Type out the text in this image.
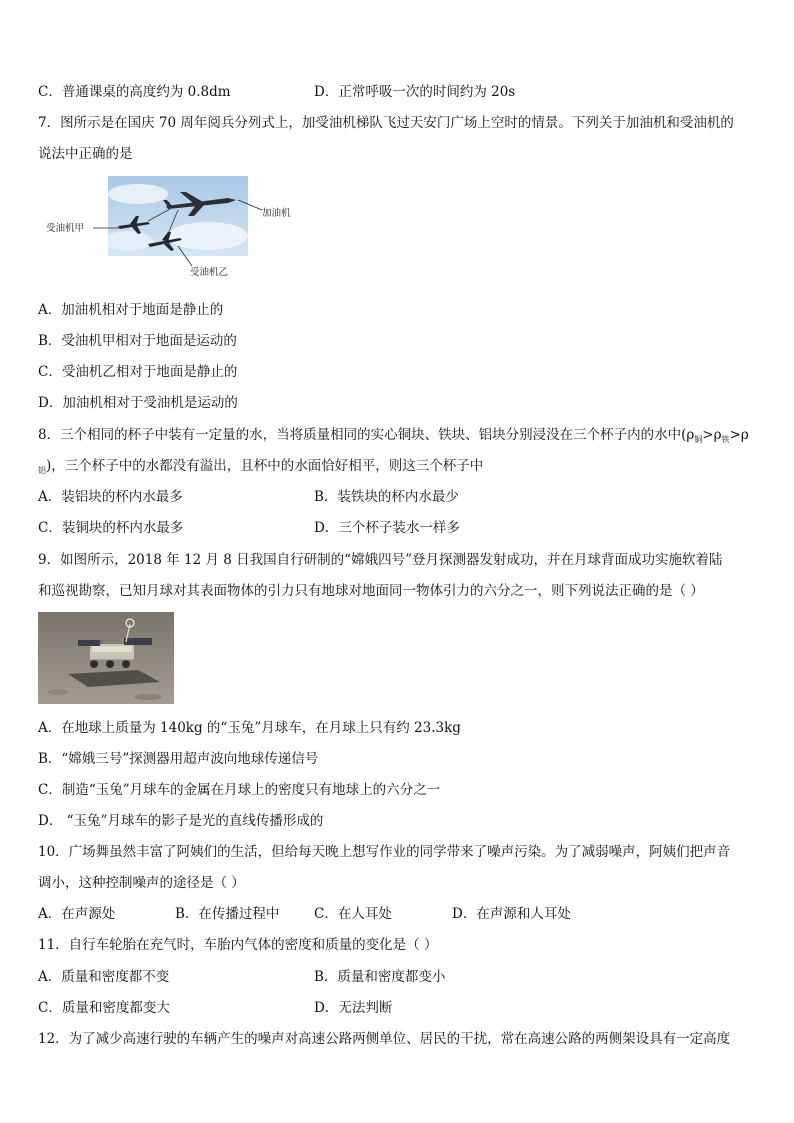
C．普通课桌的高度约为 0.8dm	D．正常呼吸一次的时间约为 20s
7．图所示是在国庆 70 周年阅兵分列式上，加受油机梯队飞过天安门广场上空时的情景。下列关于加油机和受油机的
说法中正确的是
加油机
受油机甲
受油机乙
A．加油机相对于地面是静止的
B．受油机甲相对于地面是运动的
C．受油机乙相对于地面是静止的
D．加油机相对于受油机是运动的
8．三个相同的杯子中装有一定量的水，当将质量相同的实心铜块、铁块、铝块分别浸没在三个杯子内的水中($\rho_铜>\rho_铁>\rho$
$_铝$)，三个杯子中的水都没有溢出，且杯中的水面恰好相平，则这三个杯子中
A．装铝块的杯内水最多	B．装铁块的杯内水最少
C．装铜块的杯内水最多	D．三个杯子装水一样多
9．如图所示，2018 年 12 月 8 日我国自行研制的“嫦娥四号”登月探测器发射成功，并在月球背面成功实施软着陆
和巡视勘察，已知月球对其表面物体的引力只有地球对地面同一物体引力的六分之一，则下列说法正确的是（ ）
A．在地球上质量为 140kg 的“玉兔”月球车，在月球上只有约 23.3kg
B．“嫦娥三号”探测器用超声波向地球传递信号
C．制造“玉兔”月球车的金属在月球上的密度只有地球上的六分之一
D． “玉兔”月球车的影子是光的直线传播形成的
10．广场舞虽然丰富了阿姨们的生活，但给每天晚上想写作业的同学带来了噪声污染。为了减弱噪声，阿姨们把声音
调小，这种控制噪声的途径是（ ）
A．在声源处	B．在传播过程中	C．在人耳处	D．在声源和人耳处
11．自行车轮胎在充气时，车胎内气体的密度和质量的变化是（ ）
A．质量和密度都不变	B．质量和密度都变小
C．质量和密度都变大	D．无法判断
12．为了减少高速行驶的车辆产生的噪声对高速公路两侧单位、居民的干扰，常在高速公路的两侧架设具有一定高度
